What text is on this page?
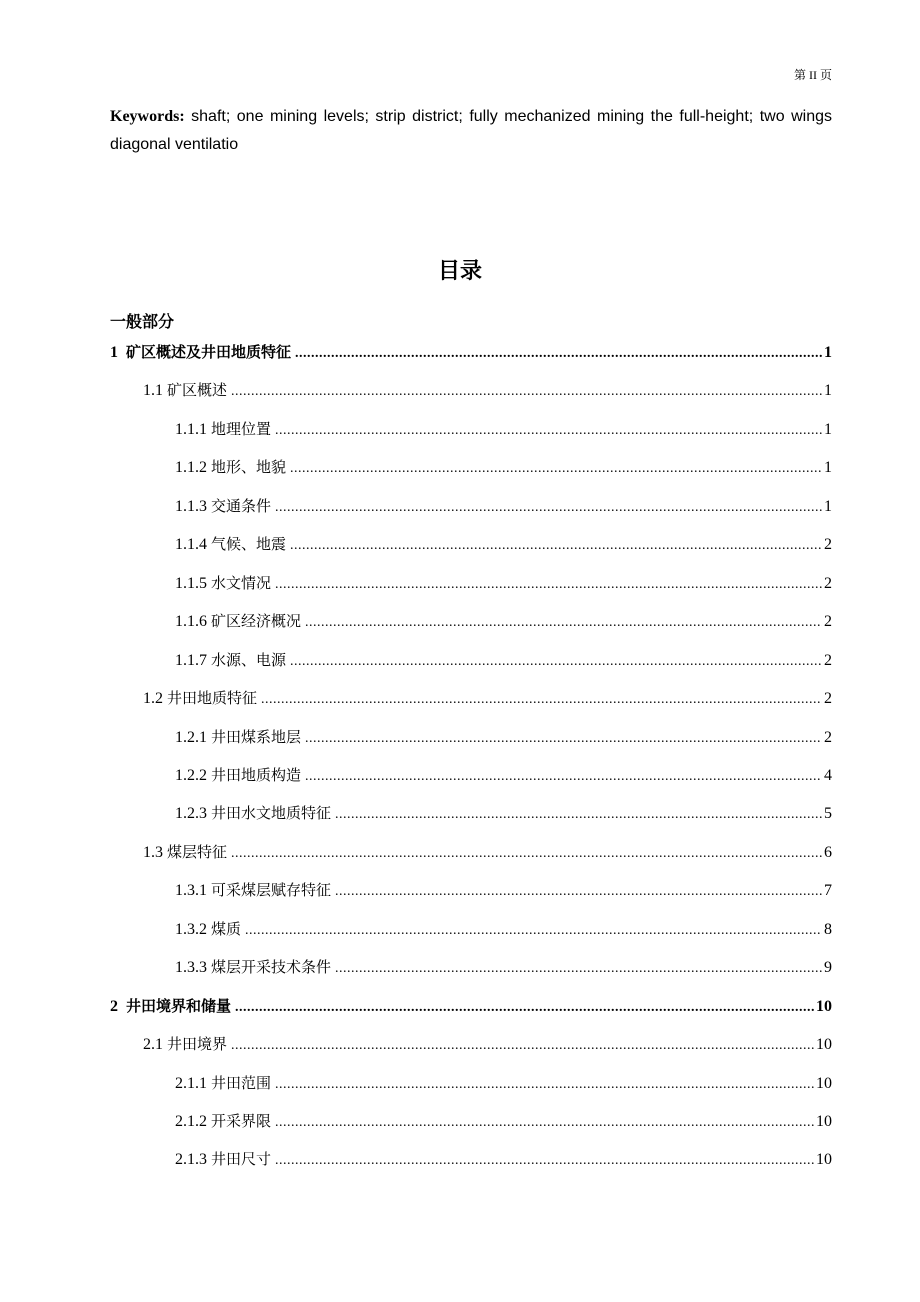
第 II 页
Keywords: shaft; one mining levels; strip district; fully mechanized mining the full-height; two wings diagonal ventilatio
目录
一般部分
1  矿区概述及井田地质特征 .....	1
1.1 矿区概述 .....	1
1.1.1 地理位置 .....	1
1.1.2 地形、地貌 .....	1
1.1.3 交通条件 .....	1
1.1.4 气候、地震 .....	2
1.1.5 水文情况 .....	2
1.1.6 矿区经济概况 .....	2
1.1.7 水源、电源 .....	2
1.2 井田地质特征 .....	2
1.2.1 井田煤系地层 .....	2
1.2.2 井田地质构造 .....	4
1.2.3 井田水文地质特征 .....	5
1.3 煤层特征 .....	6
1.3.1 可采煤层赋存特征 .....	7
1.3.2 煤质 .....	8
1.3.3 煤层开采技术条件 .....	9
2  井田境界和储量 .....	10
2.1 井田境界 .....	10
2.1.1 井田范围 .....	10
2.1.2 开采界限 .....	10
2.1.3 井田尺寸 .....	10
